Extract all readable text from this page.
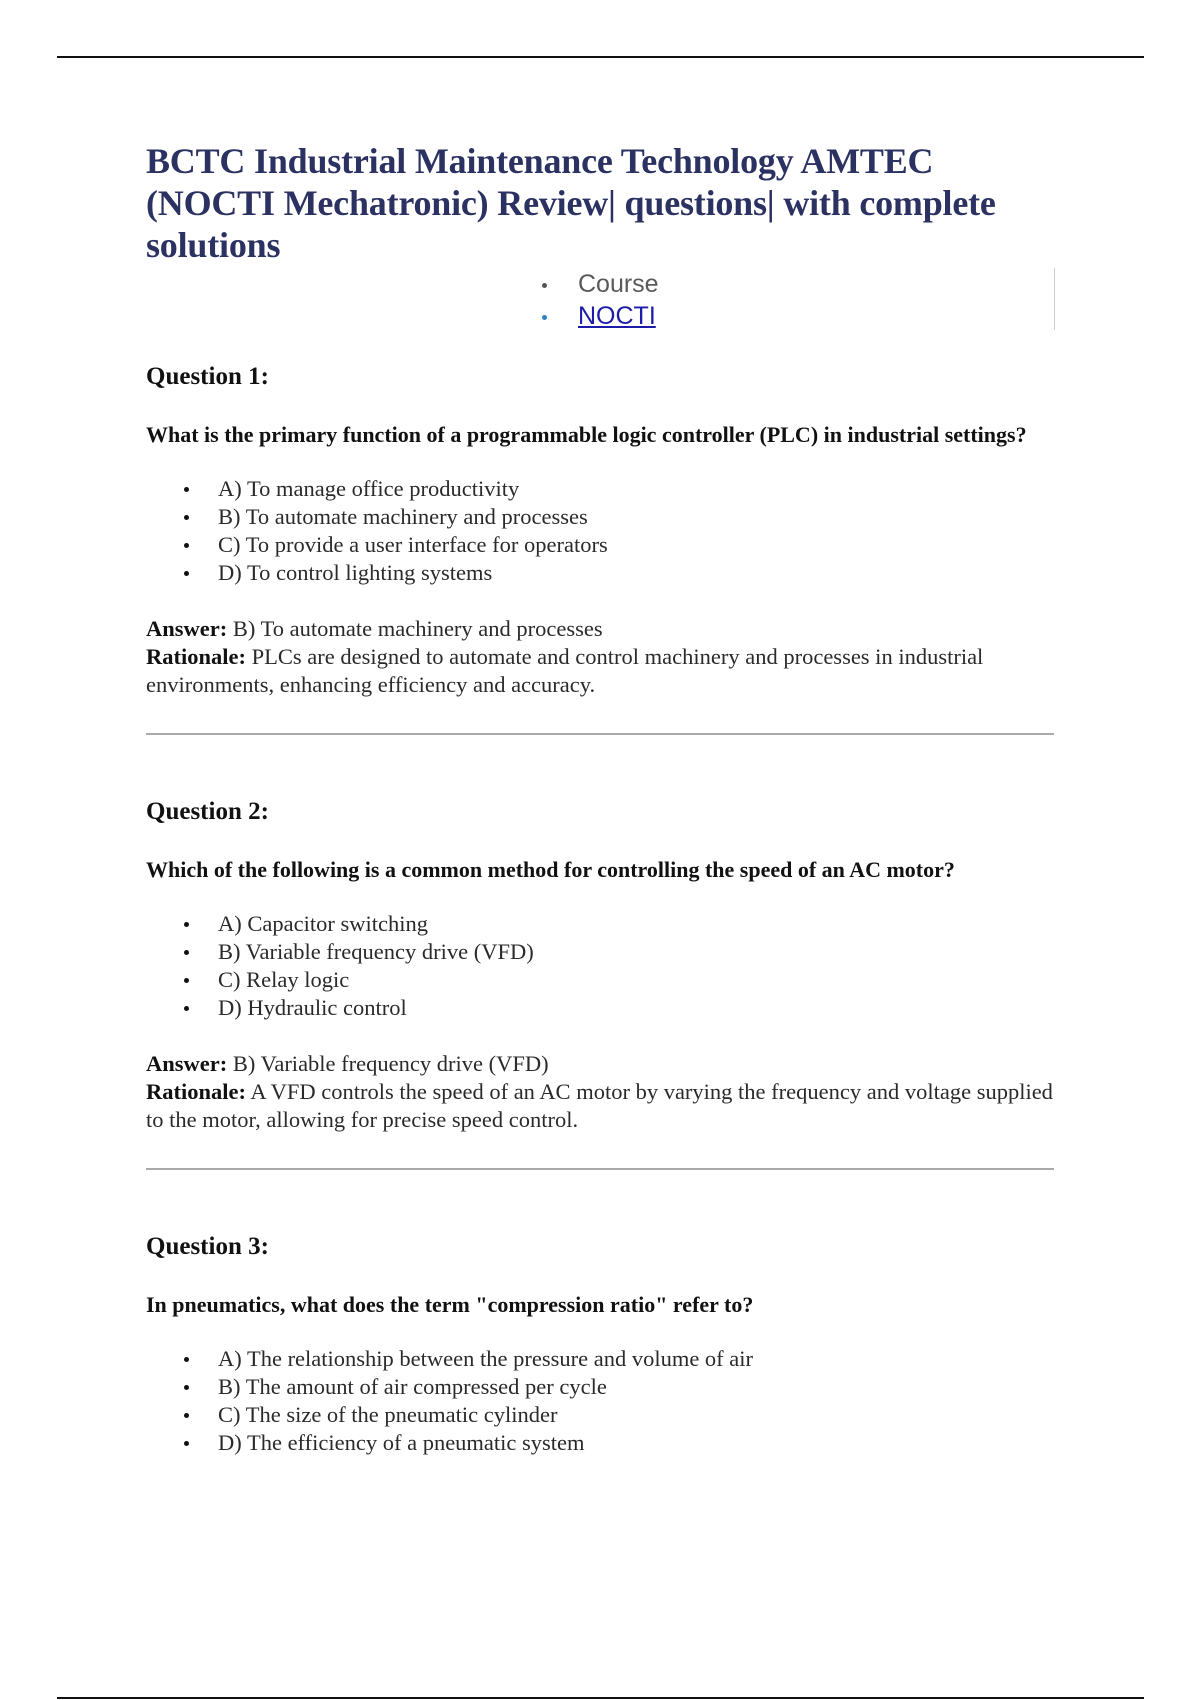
BCTC Industrial Maintenance Technology AMTEC (NOCTI Mechatronic) Review| questions| with complete solutions
Course
NOCTI
Question 1:

What is the primary function of a programmable logic controller (PLC) in industrial settings?

A) To manage office productivity
B) To automate machinery and processes
C) To provide a user interface for operators
D) To control lighting systems
Answer: B) To automate machinery and processes
Rationale: PLCs are designed to automate and control machinery and processes in industrial environments, enhancing efficiency and accuracy.
Question 2:

Which of the following is a common method for controlling the speed of an AC motor?

A) Capacitor switching
B) Variable frequency drive (VFD)
C) Relay logic
D) Hydraulic control
Answer: B) Variable frequency drive (VFD)
Rationale: A VFD controls the speed of an AC motor by varying the frequency and voltage supplied to the motor, allowing for precise speed control.
Question 3:

In pneumatics, what does the term "compression ratio" refer to?

A) The relationship between the pressure and volume of air
B) The amount of air compressed per cycle
C) The size of the pneumatic cylinder
D) The efficiency of a pneumatic system
